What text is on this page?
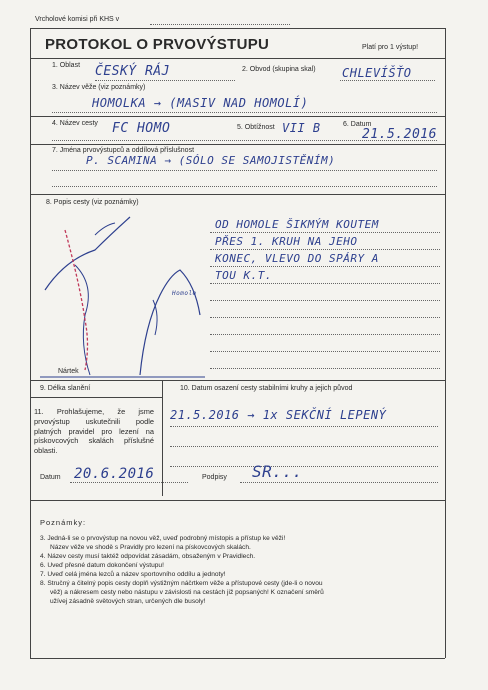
Vrcholové komisi při KHS v
PROTOKOL O PRVOVÝSTUPU	Platí pro 1 výstup!
1. Oblast ČESKÝ RÁJ	2. Obvod (skupina skal) CHLEVÍŠŤO
3. Název věže (viz poznámky)
HOMOLKA → (MASIV NAD HOMOLÍ)
4. Název cesty FC HOMO	5. Obtížnost VII B	6. Datum
21.5.2016
7. Jména prvovýstupců a oddílová příslušnost
P. SCAMINA → (SÓLO SE SAMOJISTĚNÍM)
8. Popis cesty (viz poznámky)
OD HOMOLE ŠIKMÝM KOUTEM
PŘES 1. KRUH NA JEHO
KONEC, VLEVO DO SPÁRY A
TOU K.T.
Homole
Nártek
9. Délka slanění	10. Datum osazení cesty stabilními kruhy a jejich původ
21.5.2016 → 1x SEKČNÍ LEPENÝ
11. Prohlašujeme, že jsme prvovýstup uskutečnili podle platných pravidel pro lezení na pískovcových skalách příslušné oblasti.
Datum 20.6.2016	Podpisy SR...
Poznámky:
3. Jedná-li se o prvovýstup na novou věž, uveď podrobný místopis a přístup ke věži!
Název věže ve shodě s Pravidly pro lezení na pískovcových skalách.
4. Název cesty musí taktéž odpovídat zásadám, obsaženým v Pravidlech.
6. Uveď přesné datum dokončení výstupu!
7. Uveď celá jména lezců a název sportovního oddílu a jednoty!
8. Stručný a čitelný popis cesty doplň výstižným náčrtkem věže a přístupové cesty (jde-li o novou
věž) a nákresem cesty nebo nástupu v závislosti na cestách již popsaných! K označení směrů
užívej zásadně světových stran, určených dle busoly!
